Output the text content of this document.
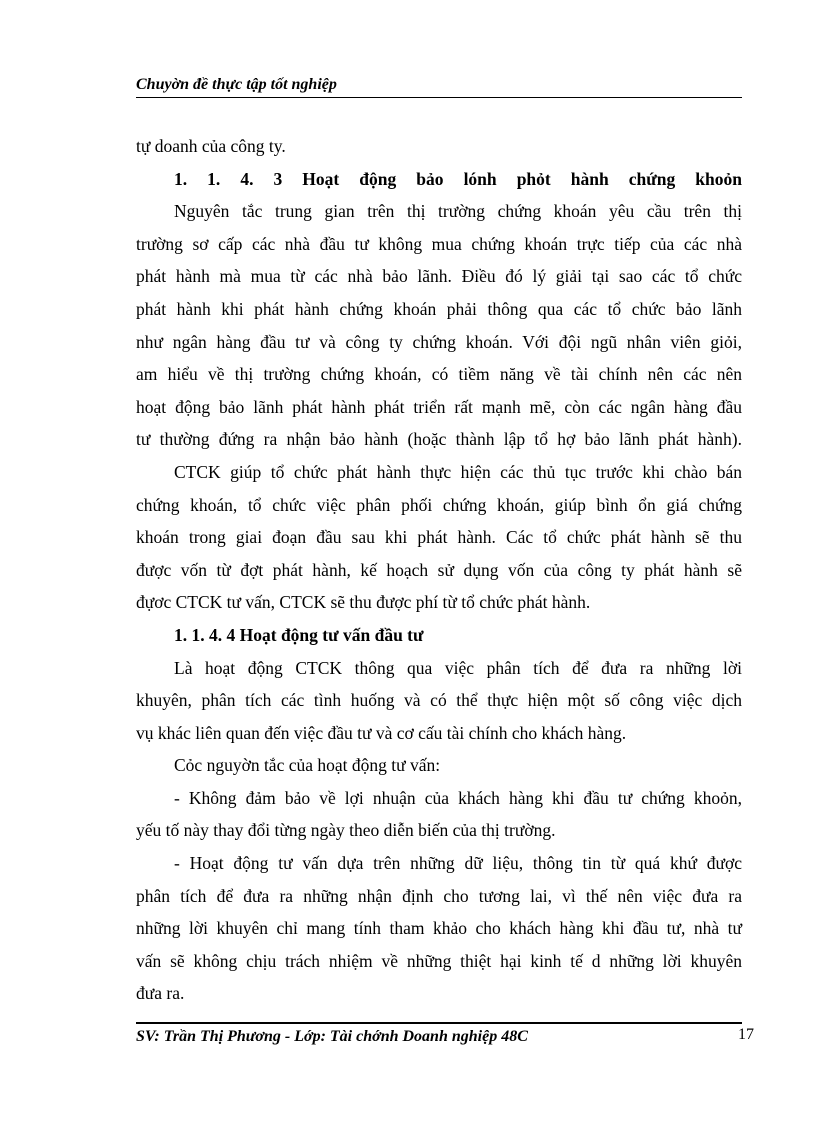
Chuyờn đề thực tập tốt nghiệp
tự doanh của công ty.
1. 1. 4. 3 Hoạt động bảo lónh phỏt hành chứng khoỏn
Nguyên tắc trung gian trên thị trường chứng khoán yêu cầu trên thị
trường sơ cấp các nhà đầu tư không mua chứng khoán trực tiếp của các nhà
phát hành mà mua từ các nhà bảo lãnh. Điều đó lý giải tại sao các tổ chức
phát hành khi phát hành chứng khoán phải thông qua các tổ chức bảo lãnh
như ngân hàng đầu tư và công ty chứng khoán. Với đội ngũ nhân viên giỏi,
am hiểu về thị trường chứng khoán, có tiềm năng về tài chính nên các nên
hoạt động bảo lãnh phát hành phát triển rất mạnh mẽ, còn các ngân hàng đầu
tư thường đứng ra nhận bảo hành (hoặc thành lập tổ hợ bảo lãnh phát hành).
CTCK giúp tổ chức phát hành thực hiện các thủ tục trước khi chào bán
chứng khoán, tổ chức việc phân phối chứng khoán, giúp bình ổn giá chứng
khoán trong giai đoạn đầu sau khi phát hành. Các tổ chức phát hành sẽ thu
được vốn từ đợt phát hành, kế hoạch sử dụng vốn của công ty phát hành sẽ
đựơc CTCK tư vấn, CTCK sẽ thu được phí từ tổ chức phát hành.
1. 1. 4. 4 Hoạt động tư vấn đầu tư
Là hoạt động CTCK thông qua việc phân tích để đưa ra những lời
khuyên, phân tích các tình huống và có thể thực hiện một số công việc dịch
vụ khác liên quan đến việc đầu tư và cơ cấu tài chính cho khách hàng.
Cỏc nguyờn tắc của hoạt động tư vấn:
- Không đảm bảo về lợi nhuận của khách hàng khi đầu tư chứng khoỏn,
yếu tố này thay đổi từng ngày theo diễn biến của thị trường.
- Hoạt động tư vấn dựa trên những dữ liệu, thông tin từ quá khứ được
phân tích để đưa ra những nhận định cho tương lai, vì thế nên việc đưa ra
những lời khuyên chỉ mang tính tham khảo cho khách hàng khi đầu tư, nhà tư
vấn sẽ không chịu trách nhiệm về những thiệt hại kinh tế d những lời khuyên
đưa ra.
SV: Trần Thị Phương - Lớp: Tài chớnh Doanh nghiệp 48C	17
